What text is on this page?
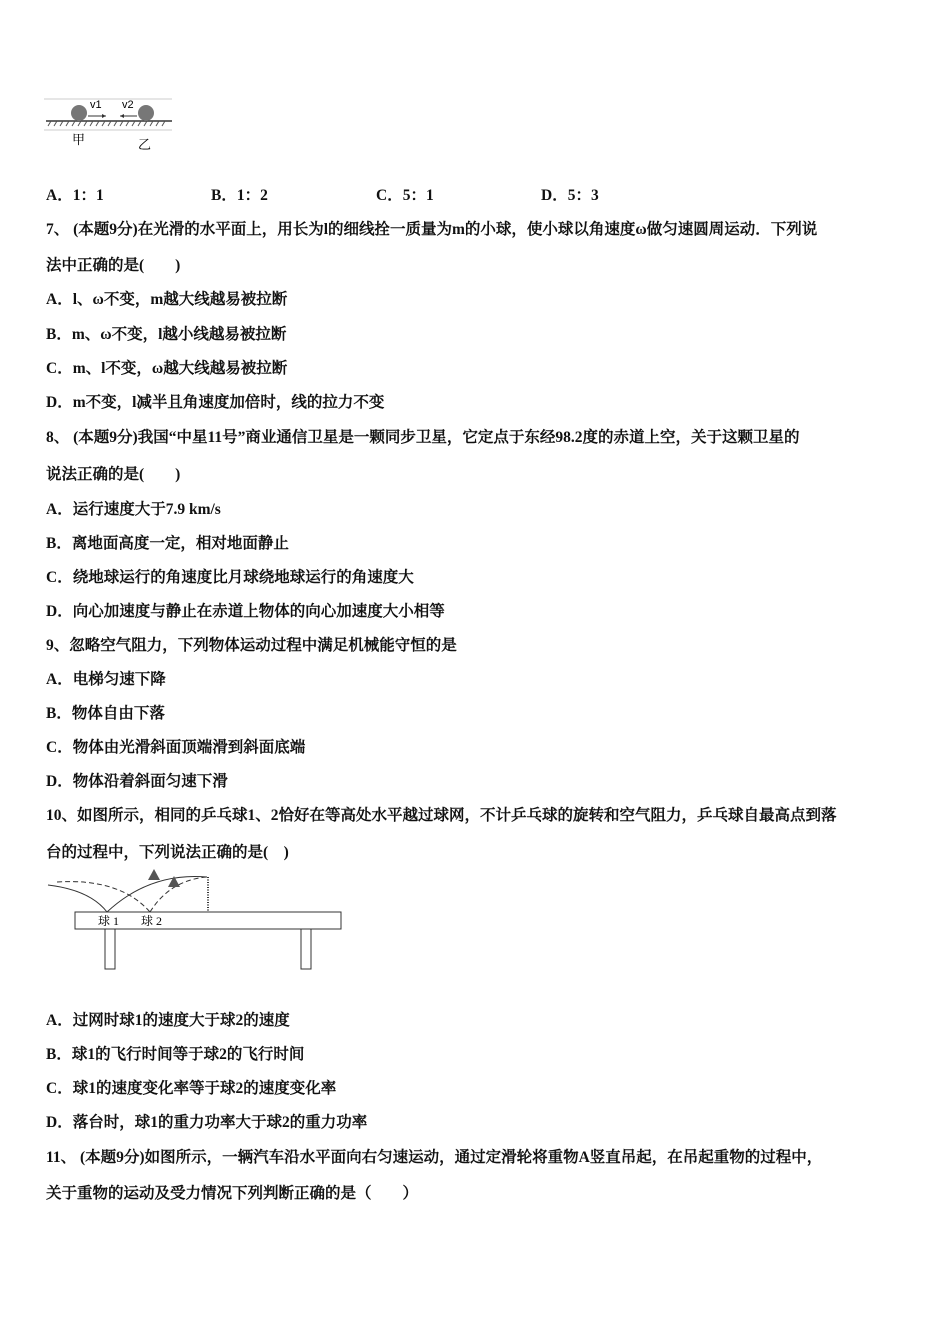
v1 v2
甲	乙
A．1：1	B．1：2	C．5：1	D．5：3
7、 (本题9分)在光滑的水平面上，用长为l的细线拴一质量为m的小球，使小球以角速度ω做匀速圆周运动．下列说
法中正确的是(　　)
A．l、ω不变，m越大线越易被拉断
B．m、ω不变，l越小线越易被拉断
C．m、l不变，ω越大线越易被拉断
D．m不变，l减半且角速度加倍时，线的拉力不变
8、 (本题9分)我国“中星11号”商业通信卫星是一颗同步卫星，它定点于东经98.2度的赤道上空，关于这颗卫星的
说法正确的是(　　)
A．运行速度大于7.9 km/s
B．离地面高度一定，相对地面静止
C．绕地球运行的角速度比月球绕地球运行的角速度大
D．向心加速度与静止在赤道上物体的向心加速度大小相等
9、忽略空气阻力，下列物体运动过程中满足机械能守恒的是
A．电梯匀速下降
B．物体自由下落
C．物体由光滑斜面顶端滑到斜面底端
D．物体沿着斜面匀速下滑
10、如图所示，相同的乒乓球1、2恰好在等高处水平越过球网，不计乒乓球的旋转和空气阻力，乒乓球自最高点到落
台的过程中，下列说法正确的是(　)
球 1 球 2
A．过网时球1的速度大于球2的速度
B．球1的飞行时间等于球2的飞行时间
C．球1的速度变化率等于球2的速度变化率
D．落台时，球1的重力功率大于球2的重力功率
11、 (本题9分)如图所示，一辆汽车沿水平面向右匀速运动，通过定滑轮将重物A竖直吊起，在吊起重物的过程中，
关于重物的运动及受力情况下列判断正确的是（　　）
